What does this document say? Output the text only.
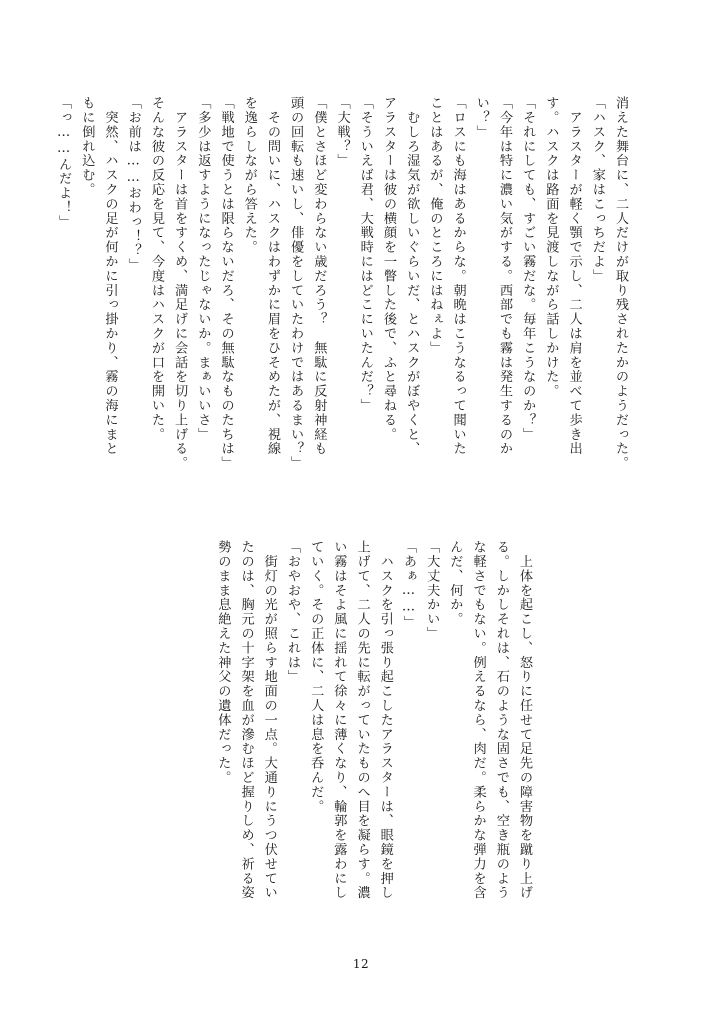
消えた舞台に、二人だけが取り残されたかのようだった。
「ハスク、家はこっちだよ」
　アラスターが軽く顎で示し、二人は肩を並べて歩き出
す。ハスクは路面を見渡しながら話しかけた。
「それにしても、すごい霧だな。毎年こうなのか？」
「今年は特に濃い気がする。西部でも霧は発生するのか
い？」
「ロスにも海はあるからな。朝晩はこうなるって聞いた
ことはあるが、俺のところにはねぇよ」
　むしろ湿気が欲しいぐらいだ、とハスクがぼやくと、
アラスターは彼の横顔を一瞥した後で、ふと尋ねる。
「そういえば君、大戦時にはどこにいたんだ？」
「大戦？」
「僕とさほど変わらない歳だろう？　無駄に反射神経も
頭の回転も速いし、俳優をしていたわけではあるまい？」
　その問いに、ハスクはわずかに眉をひそめたが、視線
を逸らしながら答えた。
「戦地で使うとは限らないだろ、その無駄なものたちは」
「多少は返すようになったじゃないか。まぁいいさ」
　アラスターは首をすくめ、満足げに会話を切り上げる。
そんな彼の反応を見て、今度はハスクが口を開いた。
「お前は……おわっ！？」
　突然、ハスクの足が何かに引っ掛かり、霧の海にまと
もに倒れ込む。
「っ……んだよ！」
　上体を起こし、怒りに任せて足先の障害物を蹴り上げ
る。しかしそれは、石のような固さでも、空き瓶のよう
な軽さでもない。例えるなら、肉だ。柔らかな弾力を含
んだ、何か。
「大丈夫かい」
「あぁ……」
　ハスクを引っ張り起こしたアラスターは、眼鏡を押し
上げて、二人の先に転がっていたものへ目を凝らす。濃
い霧はそよ風に揺れて徐々に薄くなり、輪郭を露わにし
ていく。その正体に、二人は息を呑んだ。
「おやおや、これは」
　街灯の光が照らす地面の一点。大通りにうつ伏せてい
たのは、胸元の十字架を血が滲むほど握りしめ、祈る姿
勢のまま息絶えた神父の遺体だった。
12
